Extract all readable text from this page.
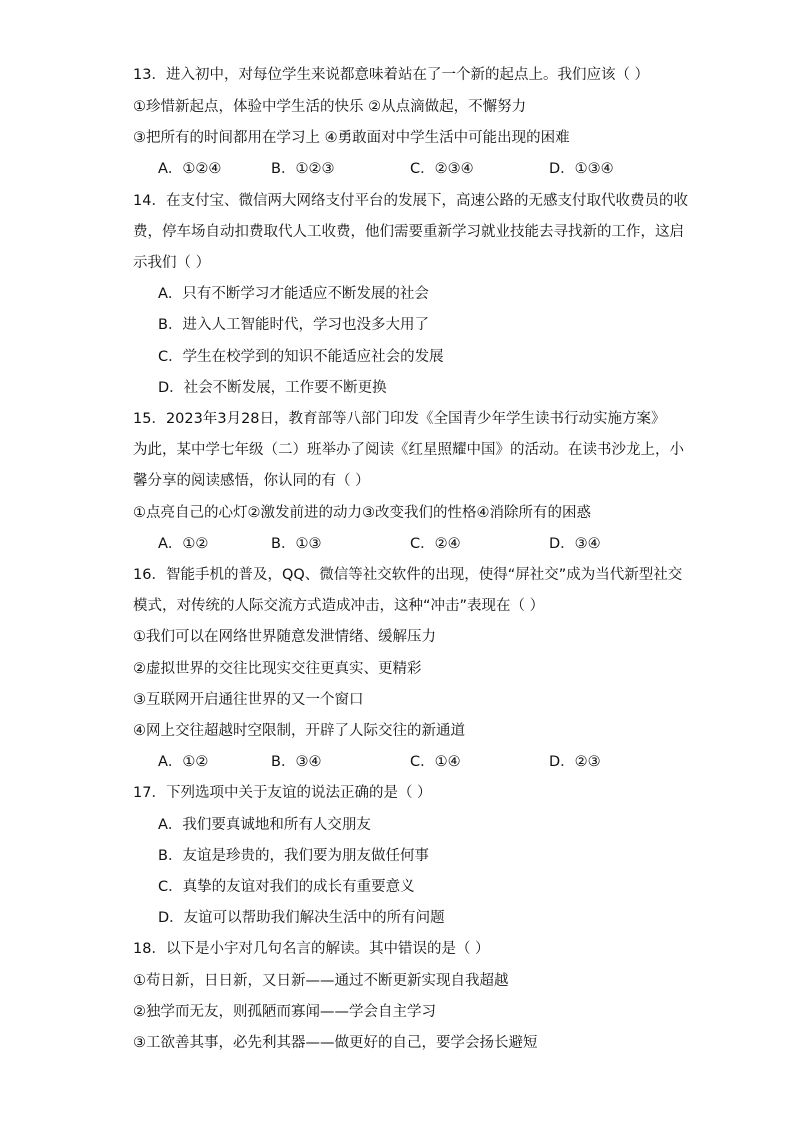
13．进入初中，对每位学生来说都意味着站在了一个新的起点上。我们应该（ ）
①珍惜新起点，体验中学生活的快乐 ②从点滴做起，不懈努力
③把所有的时间都用在学习上 ④勇敢面对中学生活中可能出现的困难
A．①②④	B．①②③	C．②③④	D．①③④
14．在支付宝、微信两大网络支付平台的发展下，高速公路的无感支付取代收费员的收
费，停车场自动扣费取代人工收费，他们需要重新学习就业技能去寻找新的工作，这启
示我们（ ）
A．只有不断学习才能适应不断发展的社会
B．进入人工智能时代，学习也没多大用了
C．学生在校学到的知识不能适应社会的发展
D．社会不断发展，工作要不断更换
15．2023年3月28日，教育部等八部门印发《全国青少年学生读书行动实施方案》
为此，某中学七年级（二）班举办了阅读《红星照耀中国》的活动。在读书沙龙上，小
馨分享的阅读感悟，你认同的有（ ）
①点亮自己的心灯②激发前进的动力③改变我们的性格④消除所有的困惑
A．①②	B．①③	C．②④	D．③④
16．智能手机的普及，QQ、微信等社交软件的出现，使得“屏社交”成为当代新型社交
模式，对传统的人际交流方式造成冲击，这种“冲击”表现在（ ）
①我们可以在网络世界随意发泄情绪、缓解压力
②虚拟世界的交往比现实交往更真实、更精彩
③互联网开启通往世界的又一个窗口
④网上交往超越时空限制，开辟了人际交往的新通道
A．①②	B．③④	C．①④	D．②③
17．下列选项中关于友谊的说法正确的是（ ）
A．我们要真诚地和所有人交朋友
B．友谊是珍贵的，我们要为朋友做任何事
C．真挚的友谊对我们的成长有重要意义
D．友谊可以帮助我们解决生活中的所有问题
18．以下是小宇对几句名言的解读。其中错误的是（ ）
①苟日新，日日新，又日新——通过不断更新实现自我超越
②独学而无友，则孤陋而寡闻——学会自主学习
③工欲善其事，必先利其器——做更好的自己，要学会扬长避短
